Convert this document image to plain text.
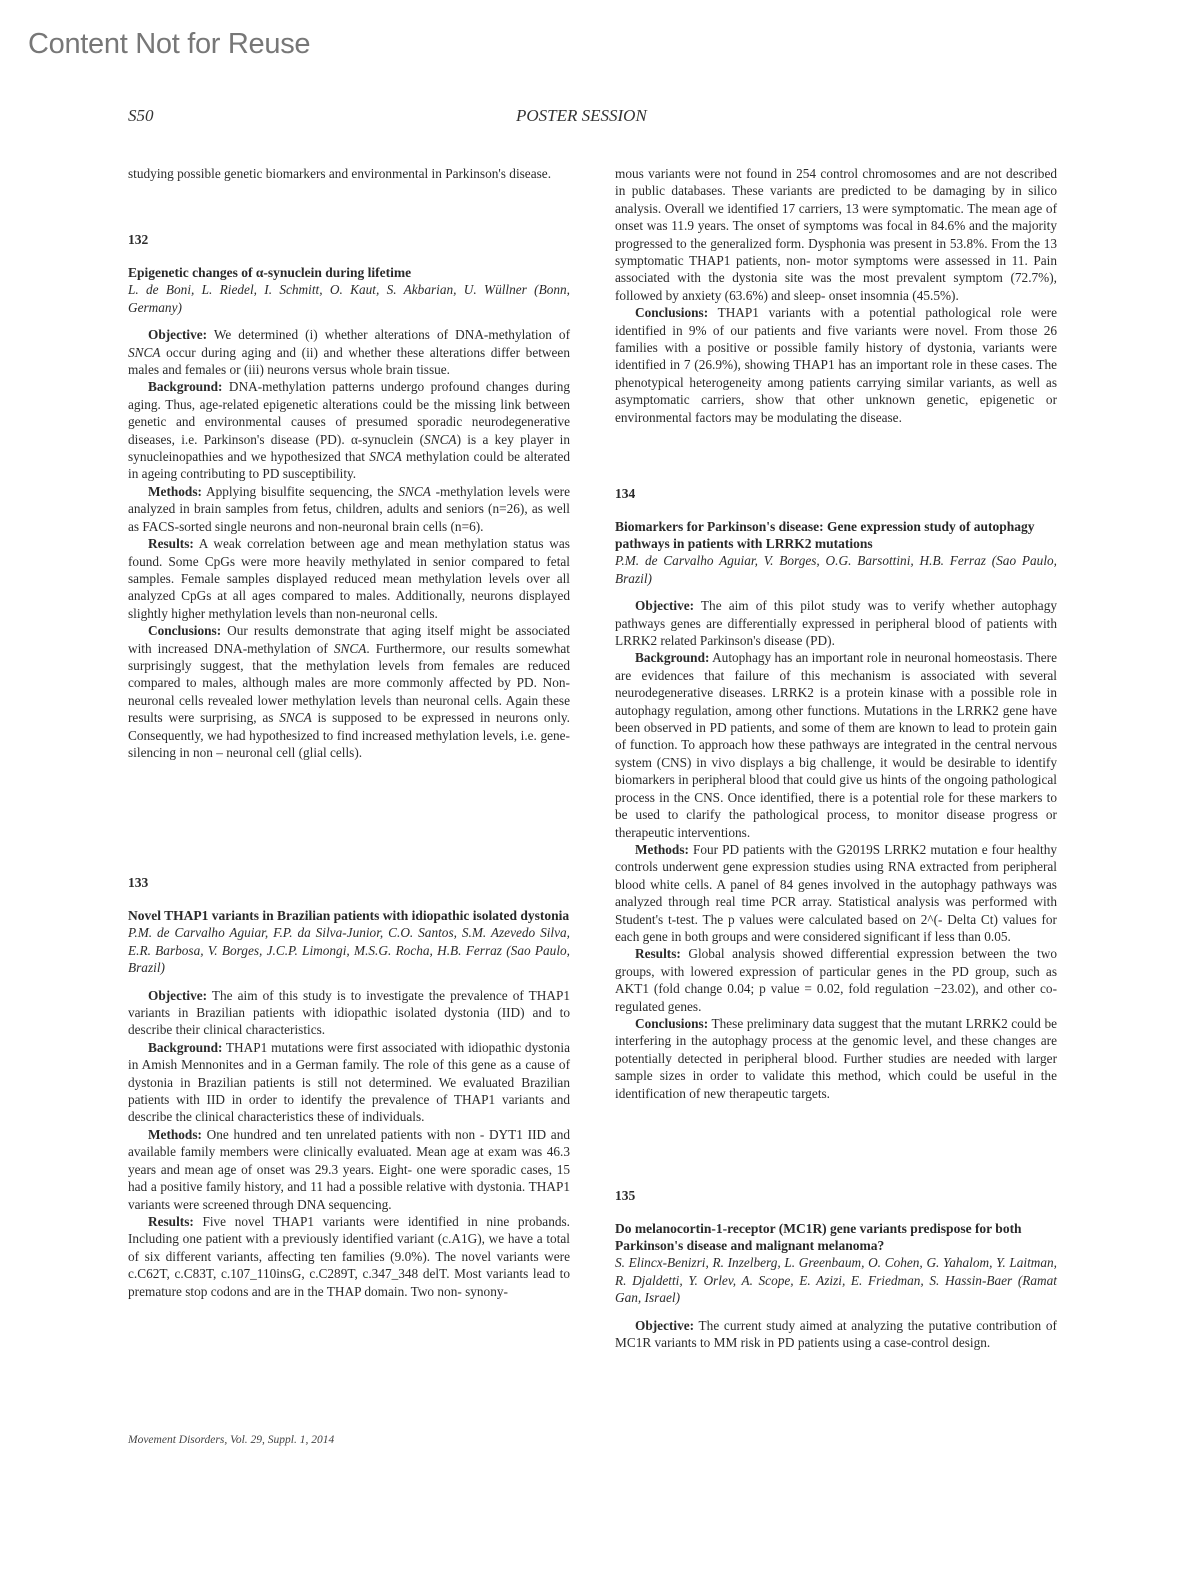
Content Not for Reuse
S50	POSTER SESSION

studying possible genetic biomarkers and environmental in Parkinson's disease.	mous variants were not found in 254 control chromosomes and are not described in public databases. These variants are predicted to be damaging by in silico analysis. Overall we identified 17 carriers, 13 were symptomatic. The mean age of onset was 11.9 years. The onset of symptoms was focal in 84.6% and the majority progressed to the generalized form. Dysphonia was present in 53.8%. From the 13 symptomatic THAP1 patients, non- motor symptoms were assessed in 11. Pain associated with the dystonia site was the most prevalent symptom (72.7%), followed by anxiety (63.6%) and sleep- onset insomnia (45.5%).

Conclusions: THAP1 variants with a potential pathological role were identified in 9% of our patients and five variants were novel. From those 26 families with a positive or possible family history of dystonia, variants were identified in 7 (26.9%), showing THAP1 has an important role in these cases. The phenotypical heterogeneity among patients carrying similar variants, as well as asymptomatic carriers, show that other unknown genetic, epigenetic or environmental factors may be modulating the disease.

132
Epigenetic changes of α-synuclein during lifetime
L. de Boni, L. Riedel, I. Schmitt, O. Kaut, S. Akbarian, U. Wüllner (Bonn, Germany)

Objective: We determined (i) whether alterations of DNA-methylation of SNCA occur during aging and (ii) and whether these alterations differ between males and females or (iii) neurons versus whole brain tissue.

Background: DNA-methylation patterns undergo profound changes during aging. Thus, age-related epigenetic alterations could be the missing link between genetic and environmental causes of presumed sporadic neurodegenerative diseases, i.e. Parkinson's disease (PD). α-synuclein (SNCA) is a key player in synucleinopathies and we hypothesized that SNCA methylation could be alterated in ageing contributing to PD susceptibility.

Methods: Applying bisulfite sequencing, the SNCA -methylation levels were analyzed in brain samples from fetus, children, adults and seniors (n=26), as well as FACS-sorted single neurons and non-neuronal brain cells (n=6).

Results: A weak correlation between age and mean methylation status was found. Some CpGs were more heavily methylated in senior compared to fetal samples. Female samples displayed reduced mean methylation levels over all analyzed CpGs at all ages compared to males. Additionally, neurons displayed slightly higher methylation levels than non-neuronal cells.

Conclusions: Our results demonstrate that aging itself might be associated with increased DNA-methylation of SNCA. Furthermore, our results somewhat surprisingly suggest, that the methylation levels from females are reduced compared to males, although males are more commonly affected by PD. Non-neuronal cells revealed lower methylation levels than neuronal cells. Again these results were surprising, as SNCA is supposed to be expressed in neurons only. Consequently, we had hypothesized to find increased methylation levels, i.e. gene-silencing in non – neuronal cell (glial cells).

133
Novel THAP1 variants in Brazilian patients with idiopathic isolated dystonia
P.M. de Carvalho Aguiar, F.P. da Silva-Junior, C.O. Santos, S.M. Azevedo Silva, E.R. Barbosa, V. Borges, J.C.P. Limongi, M.S.G. Rocha, H.B. Ferraz (Sao Paulo, Brazil)

Objective: The aim of this study is to investigate the prevalence of THAP1 variants in Brazilian patients with idiopathic isolated dystonia (IID) and to describe their clinical characteristics.

Background: THAP1 mutations were first associated with idiopathic dystonia in Amish Mennonites and in a German family. The role of this gene as a cause of dystonia in Brazilian patients is still not determined. We evaluated Brazilian patients with IID in order to identify the prevalence of THAP1 variants and describe the clinical characteristics these of individuals.

Methods: One hundred and ten unrelated patients with non - DYT1 IID and available family members were clinically evaluated. Mean age at exam was 46.3 years and mean age of onset was 29.3 years. Eight- one were sporadic cases, 15 had a positive family history, and 11 had a possible relative with dystonia. THAP1 variants were screened through DNA sequencing.

Results: Five novel THAP1 variants were identified in nine probands. Including one patient with a previously identified variant (c.A1G), we have a total of six different variants, affecting ten families (9.0%). The novel variants were c.C62T, c.C83T, c.107_110insG, c.C289T, c.347_348 delT. Most variants lead to premature stop codons and are in the THAP domain. Two non- synony-

134
Biomarkers for Parkinson's disease: Gene expression study of autophagy pathways in patients with LRRK2 mutations
P.M. de Carvalho Aguiar, V. Borges, O.G. Barsottini, H.B. Ferraz (Sao Paulo, Brazil)

Objective: The aim of this pilot study was to verify whether autophagy pathways genes are differentially expressed in peripheral blood of patients with LRRK2 related Parkinson's disease (PD).

Background: Autophagy has an important role in neuronal homeostasis. There are evidences that failure of this mechanism is associated with several neurodegenerative diseases. LRRK2 is a protein kinase with a possible role in autophagy regulation, among other functions. Mutations in the LRRK2 gene have been observed in PD patients, and some of them are known to lead to protein gain of function. To approach how these pathways are integrated in the central nervous system (CNS) in vivo displays a big challenge, it would be desirable to identify biomarkers in peripheral blood that could give us hints of the ongoing pathological process in the CNS. Once identified, there is a potential role for these markers to be used to clarify the pathological process, to monitor disease progress or therapeutic interventions.

Methods: Four PD patients with the G2019S LRRK2 mutation e four healthy controls underwent gene expression studies using RNA extracted from peripheral blood white cells. A panel of 84 genes involved in the autophagy pathways was analyzed through real time PCR array. Statistical analysis was performed with Student's t-test. The p values were calculated based on 2^(- Delta Ct) values for each gene in both groups and were considered significant if less than 0.05.

Results: Global analysis showed differential expression between the two groups, with lowered expression of particular genes in the PD group, such as AKT1 (fold change 0.04; p value = 0.02, fold regulation −23.02), and other co-regulated genes.

Conclusions: These preliminary data suggest that the mutant LRRK2 could be interfering in the autophagy process at the genomic level, and these changes are potentially detected in peripheral blood. Further studies are needed with larger sample sizes in order to validate this method, which could be useful in the identification of new therapeutic targets.

135
Do melanocortin-1-receptor (MC1R) gene variants predispose for both Parkinson's disease and malignant melanoma?
S. Elincx-Benizri, R. Inzelberg, L. Greenbaum, O. Cohen, G. Yahalom, Y. Laitman, R. Djaldetti, Y. Orlev, A. Scope, E. Azizi, E. Friedman, S. Hassin-Baer (Ramat Gan, Israel)

Objective: The current study aimed at analyzing the putative contribution of MC1R variants to MM risk in PD patients using a case-control design.

Movement Disorders, Vol. 29, Suppl. 1, 2014
